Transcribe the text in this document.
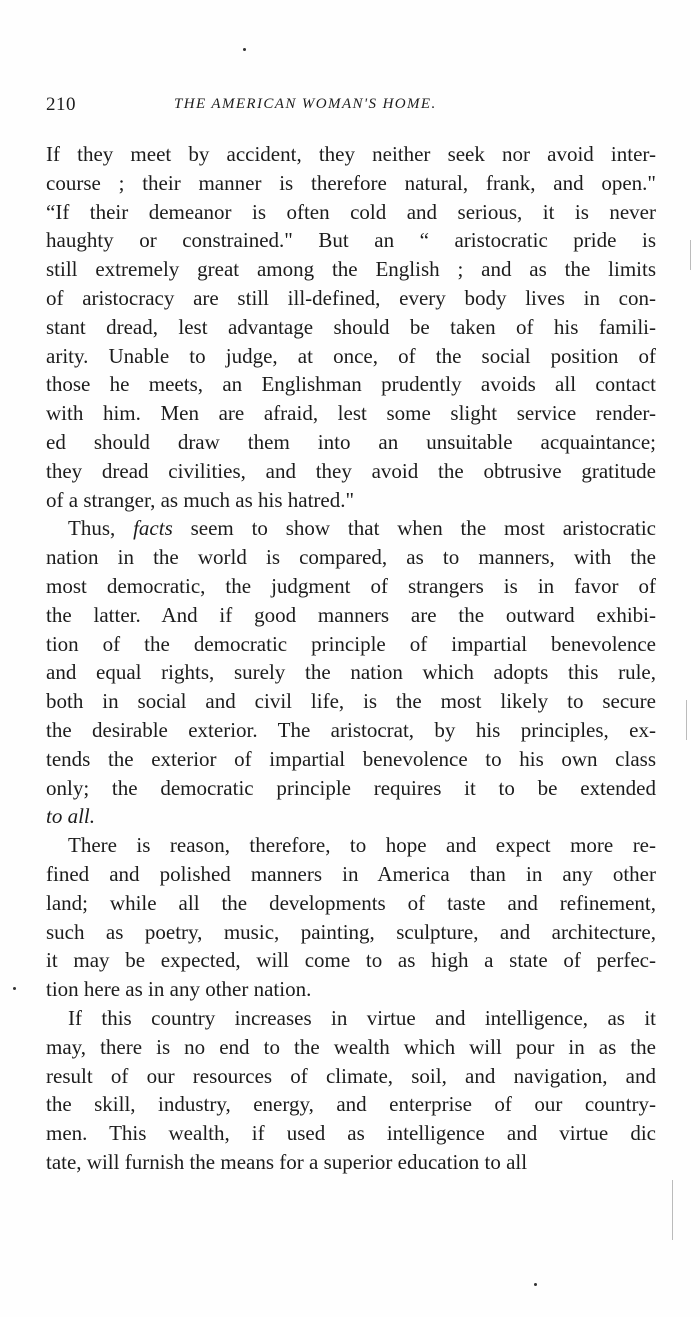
210	THE AMERICAN WOMAN'S HOME.
If they meet by accident, they neither seek nor avoid inter-
course ; their manner is therefore natural, frank, and open."
“If their demeanor is often cold and serious, it is never
haughty or constrained." But an “ aristocratic pride is
still extremely great among the English ; and as the limits
of aristocracy are still ill-defined, every body lives in con-
stant dread, lest advantage should be taken of his famili-
arity. Unable to judge, at once, of the social position of
those he meets, an Englishman prudently avoids all contact
with him. Men are afraid, lest some slight service render-
ed should draw them into an unsuitable acquaintance;
they dread civilities, and they avoid the obtrusive gratitude
of a stranger, as much as his hatred."
Thus, facts seem to show that when the most aristocratic
nation in the world is compared, as to manners, with the
most democratic, the judgment of strangers is in favor of
the latter. And if good manners are the outward exhibi-
tion of the democratic principle of impartial benevolence
and equal rights, surely the nation which adopts this rule,
both in social and civil life, is the most likely to secure
the desirable exterior. The aristocrat, by his principles, ex-
tends the exterior of impartial benevolence to his own class
only; the democratic principle requires it to be extended
to all.
There is reason, therefore, to hope and expect more re-
fined and polished manners in America than in any other
land; while all the developments of taste and refinement,
such as poetry, music, painting, sculpture, and architecture,
it may be expected, will come to as high a state of perfec-
tion here as in any other nation.
If this country increases in virtue and intelligence, as it
may, there is no end to the wealth which will pour in as the
result of our resources of climate, soil, and navigation, and
the skill, industry, energy, and enterprise of our country-
men. This wealth, if used as intelligence and virtue dic
tate, will furnish the means for a superior education to all
